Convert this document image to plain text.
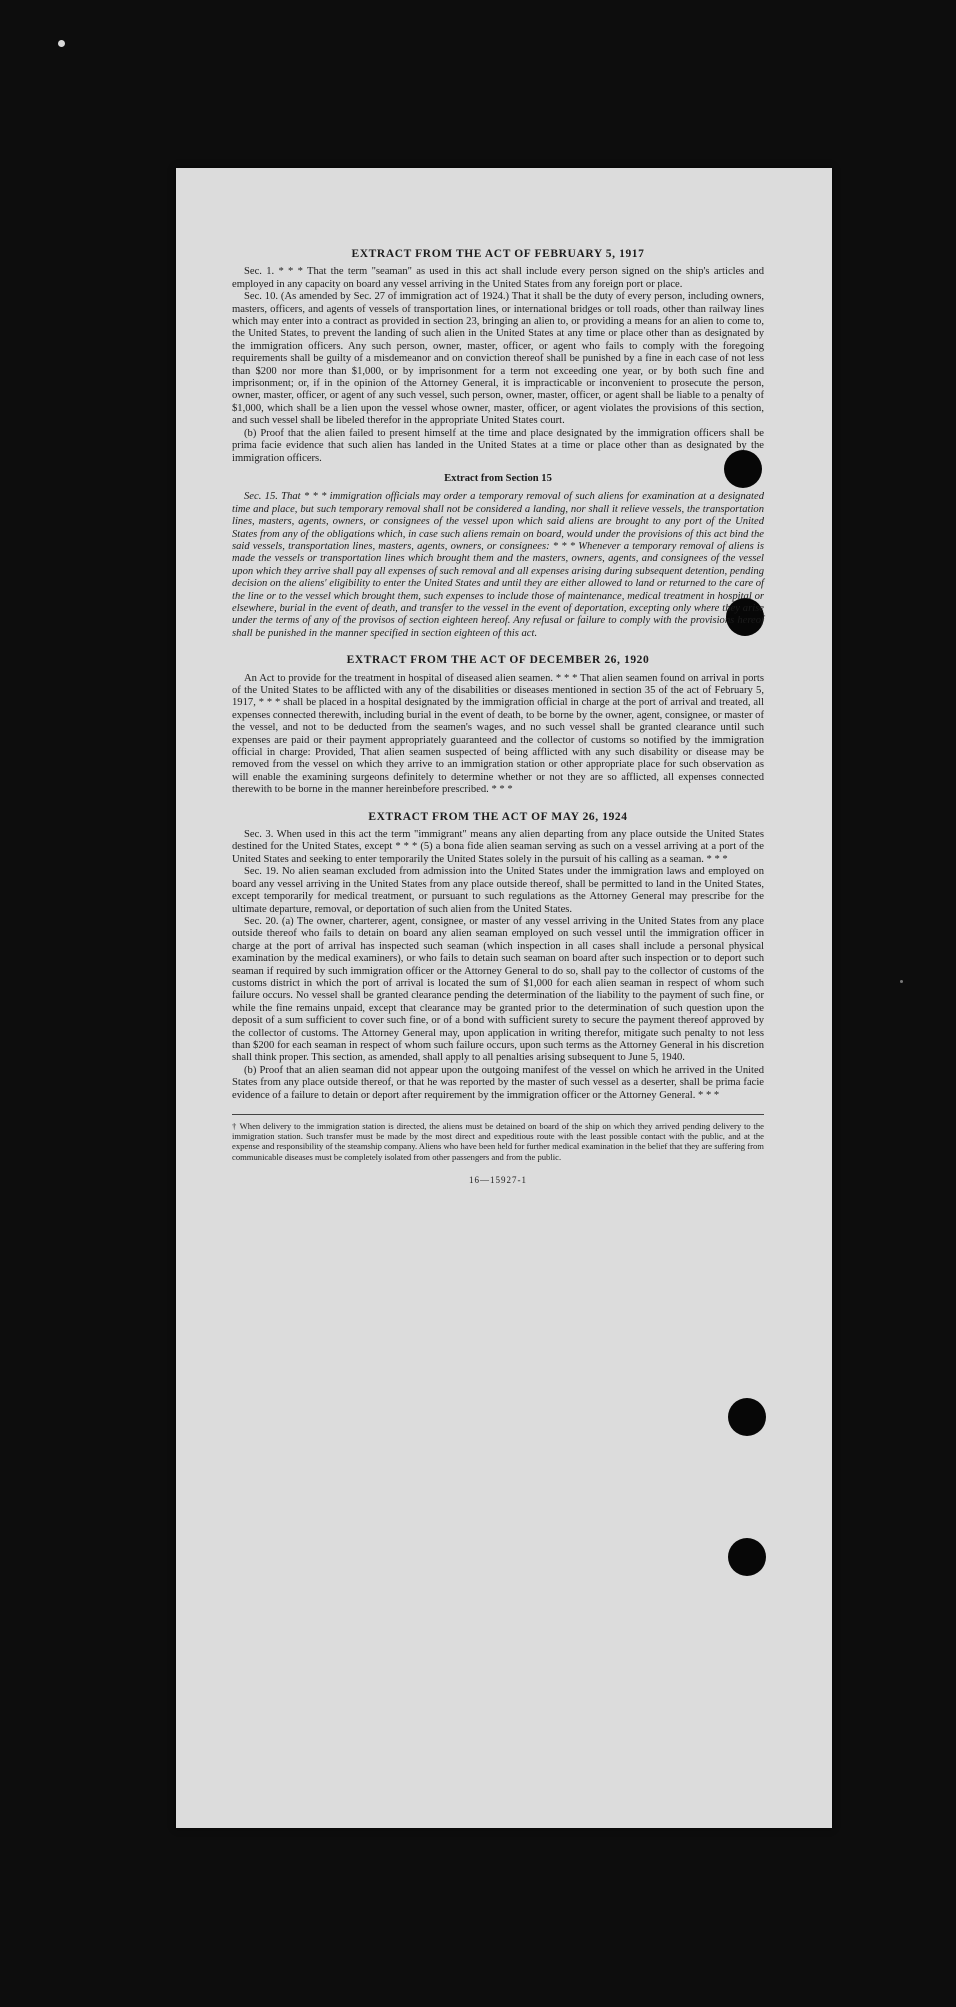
EXTRACT FROM THE ACT OF FEBRUARY 5, 1917

Sec. 1. * * * That the term "seaman" as used in this act shall include every person signed on the ship's articles and employed in any capacity on board any vessel arriving in the United States from any foreign port or place.

Sec. 10. (As amended by Sec. 27 of immigration act of 1924.) That it shall be the duty of every person, including owners, masters, officers, and agents of vessels of transportation lines, or international bridges or toll roads, other than railway lines which may enter into a contract as provided in section 23, bringing an alien to, or providing a means for an alien to come to, the United States, to prevent the landing of such alien in the United States at any time or place other than as designated by the immigration officers. Any such person, owner, master, officer, or agent who fails to comply with the foregoing requirements shall be guilty of a misdemeanor and on conviction thereof shall be punished by a fine in each case of not less than $200 nor more than $1,000, or by imprisonment for a term not exceeding one year, or by both such fine and imprisonment; or, if in the opinion of the Attorney General, it is impracticable or inconvenient to prosecute the person, owner, master, officer, or agent of any such vessel, such person, owner, master, officer, or agent shall be liable to a penalty of $1,000, which shall be a lien upon the vessel whose owner, master, officer, or agent violates the provisions of this section, and such vessel shall be libeled therefor in the appropriate United States court.

(b) Proof that the alien failed to present himself at the time and place designated by the immigration officers shall be prima facie evidence that such alien has landed in the United States at a time or place other than as designated by the immigration officers.

Extract from Section 15

Sec. 15. That * * * immigration officials may order a temporary removal of such aliens for examination at a designated time and place, but such temporary removal shall not be considered a landing, nor shall it relieve vessels, the transportation lines, masters, agents, owners, or consignees of the vessel upon which said aliens are brought to any port of the United States from any of the obligations which, in case such aliens remain on board, would under the provisions of this act bind the said vessels, transportation lines, masters, agents, owners, or consignees: * * * Whenever a temporary removal of aliens is made the vessels or transportation lines which brought them and the masters, owners, agents, and consignees of the vessel upon which they arrive shall pay all expenses of such removal and all expenses arising during subsequent detention, pending decision on the aliens' eligibility to enter the United States and until they are either allowed to land or returned to the care of the line or to the vessel which brought them, such expenses to include those of maintenance, medical treatment in hospital or elsewhere, burial in the event of death, and transfer to the vessel in the event of deportation, excepting only where they arise under the terms of any of the provisos of section eighteen hereof. Any refusal or failure to comply with the provisions hereof shall be punished in the manner specified in section eighteen of this act.

EXTRACT FROM THE ACT OF DECEMBER 26, 1920

An Act to provide for the treatment in hospital of diseased alien seamen. * * * That alien seamen found on arrival in ports of the United States to be afflicted with any of the disabilities or diseases mentioned in section 35 of the act of February 5, 1917, * * * shall be placed in a hospital designated by the immigration official in charge at the port of arrival and treated, all expenses connected therewith, including burial in the event of death, to be borne by the owner, agent, consignee, or master of the vessel, and not to be deducted from the seamen's wages, and no such vessel shall be granted clearance until such expenses are paid or their payment appropriately guaranteed and the collector of customs so notified by the immigration official in charge: Provided, That alien seamen suspected of being afflicted with any such disability or disease may be removed from the vessel on which they arrive to an immigration station or other appropriate place for such observation as will enable the examining surgeons definitely to determine whether or not they are so afflicted, all expenses connected therewith to be borne in the manner hereinbefore prescribed. * * *

EXTRACT FROM THE ACT OF MAY 26, 1924

Sec. 3. When used in this act the term "immigrant" means any alien departing from any place outside the United States destined for the United States, except * * * (5) a bona fide alien seaman serving as such on a vessel arriving at a port of the United States and seeking to enter temporarily the United States solely in the pursuit of his calling as a seaman. * * *

Sec. 19. No alien seaman excluded from admission into the United States under the immigration laws and employed on board any vessel arriving in the United States from any place outside thereof, shall be permitted to land in the United States, except temporarily for medical treatment, or pursuant to such regulations as the Attorney General may prescribe for the ultimate departure, removal, or deportation of such alien from the United States.

Sec. 20. (a) The owner, charterer, agent, consignee, or master of any vessel arriving in the United States from any place outside thereof who fails to detain on board any alien seaman employed on such vessel until the immigration officer in charge at the port of arrival has inspected such seaman (which inspection in all cases shall include a personal physical examination by the medical examiners), or who fails to detain such seaman on board after such inspection or to deport such seaman if required by such immigration officer or the Attorney General to do so, shall pay to the collector of customs of the customs district in which the port of arrival is located the sum of $1,000 for each alien seaman in respect of whom such failure occurs. No vessel shall be granted clearance pending the determination of the liability to the payment of such fine, or while the fine remains unpaid, except that clearance may be granted prior to the determination of such question upon the deposit of a sum sufficient to cover such fine, or of a bond with sufficient surety to secure the payment thereof approved by the collector of customs. The Attorney General may, upon application in writing therefor, mitigate such penalty to not less than $200 for each seaman in respect of whom such failure occurs, upon such terms as the Attorney General in his discretion shall think proper. This section, as amended, shall apply to all penalties arising subsequent to June 5, 1940.

(b) Proof that an alien seaman did not appear upon the outgoing manifest of the vessel on which he arrived in the United States from any place outside thereof, or that he was reported by the master of such vessel as a deserter, shall be prima facie evidence of a failure to detain or deport after requirement by the immigration officer or the Attorney General. * * *

† When delivery to the immigration station is directed, the aliens must be detained on board of the ship on which they arrived pending delivery to the immigration station. Such transfer must be made by the most direct and expeditious route with the least possible contact with the public, and at the expense and responsibility of the steamship company. Aliens who have been held for further medical examination in the belief that they are suffering from communicable diseases must be completely isolated from other passengers and from the public.
16—15927-1
